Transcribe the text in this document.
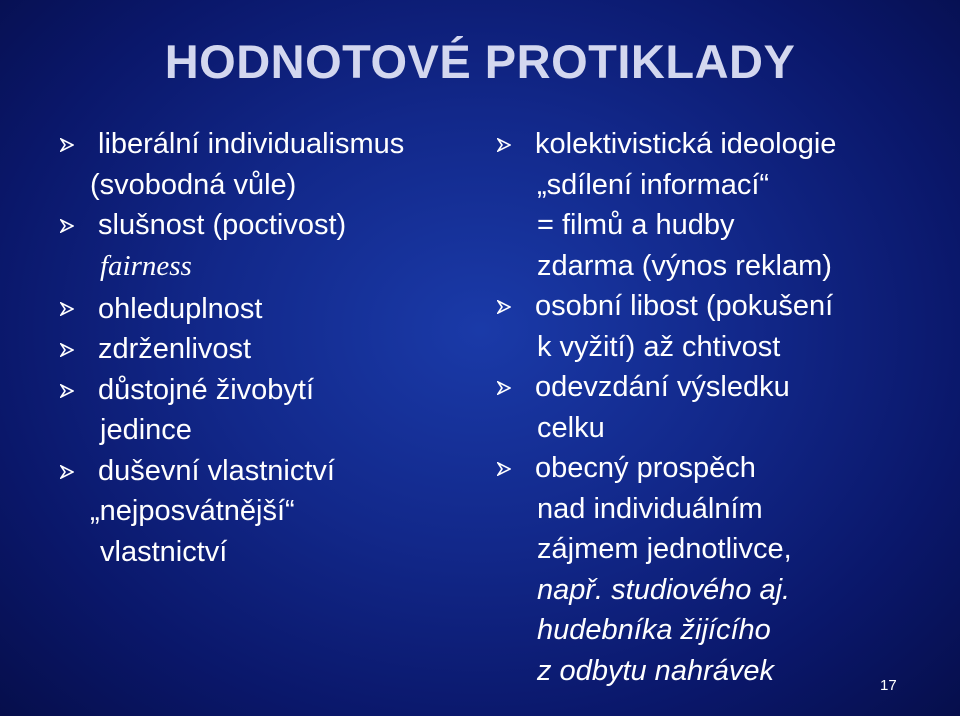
HODNOTOVÉ PROTIKLADY
liberální individualismus
(svobodná vůle)
slušnost (poctivost)
fairness
ohleduplnost
zdrženlivost
důstojné živobytí
jedince
duševní vlastnictví
„nejposvátnější“
vlastnictví
kolektivistická ideologie
„sdílení informací“
= filmů a hudby
zdarma (výnos reklam)
osobní libost (pokušení
k vyžití) až chtivost
odevzdání výsledku
celku
obecný prospěch
nad individuálním
zájmem jednotlivce,
např. studiového aj.
hudebníka žijícího
z odbytu nahrávek	17
